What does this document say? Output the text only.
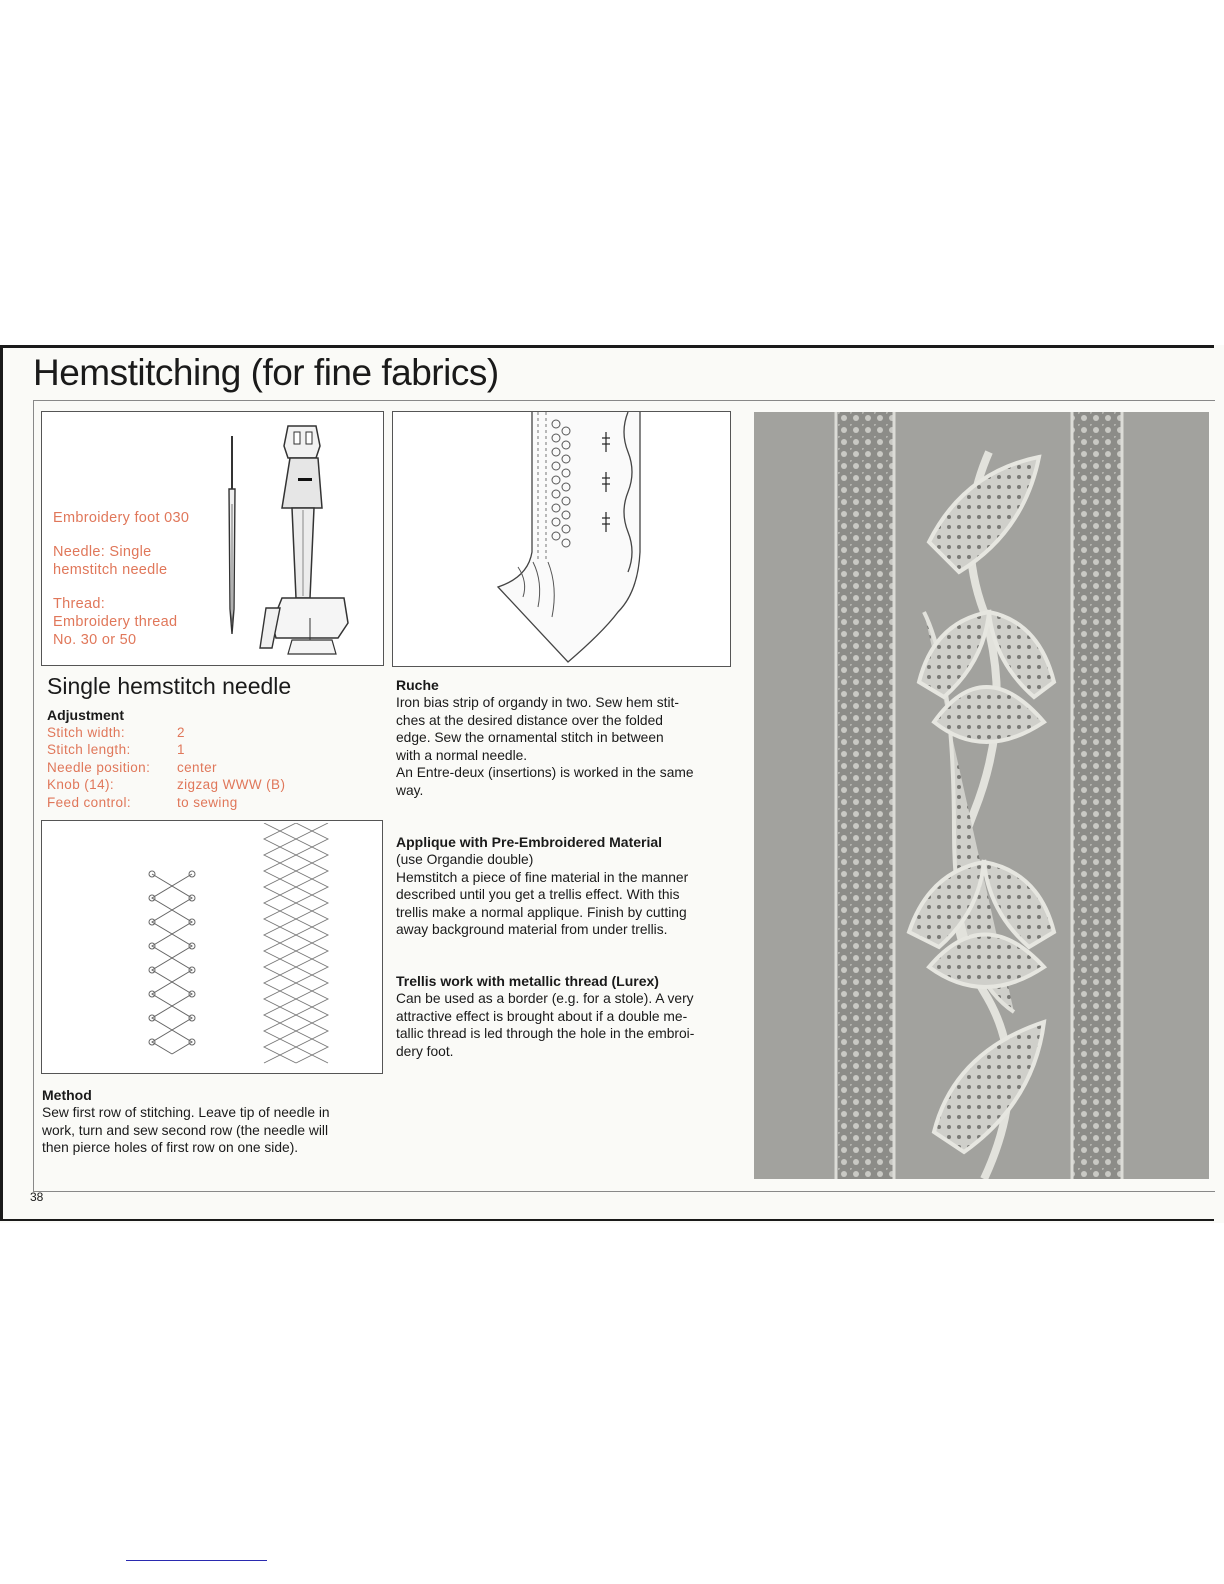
Hemstitching (for fine fabrics)
Embroidery foot 030
Needle: Single
hemstitch needle
Thread:
Embroidery thread
No. 30 or 50
Single hemstitch needle
Adjustment
Stitch width:	2
Stitch length:	1
Needle position: center
Knob (14):	zigzag WWW (B)
Feed control:	to sewing
Method
Sew first row of stitching. Leave tip of needle in
work, turn and sew second row (the needle will
then pierce holes of first row on one side).
Ruche
Iron bias strip of organdy in two. Sew hem stit-
ches at the desired distance over the folded
edge. Sew the ornamental stitch in between
with a normal needle.
An Entre-deux (insertions) is worked in the same
way.
Applique with Pre-Embroidered Material
(use Organdie double)
Hemstitch a piece of fine material in the manner
described until you get a trellis effect. With this
trellis make a normal applique. Finish by cutting
away background material from under trellis.
Trellis work with metallic thread (Lurex)
Can be used as a border (e.g. for a stole). A very
attractive effect is brought about if a double me-
tallic thread is led through the hole in the embroi-
dery foot.
38
